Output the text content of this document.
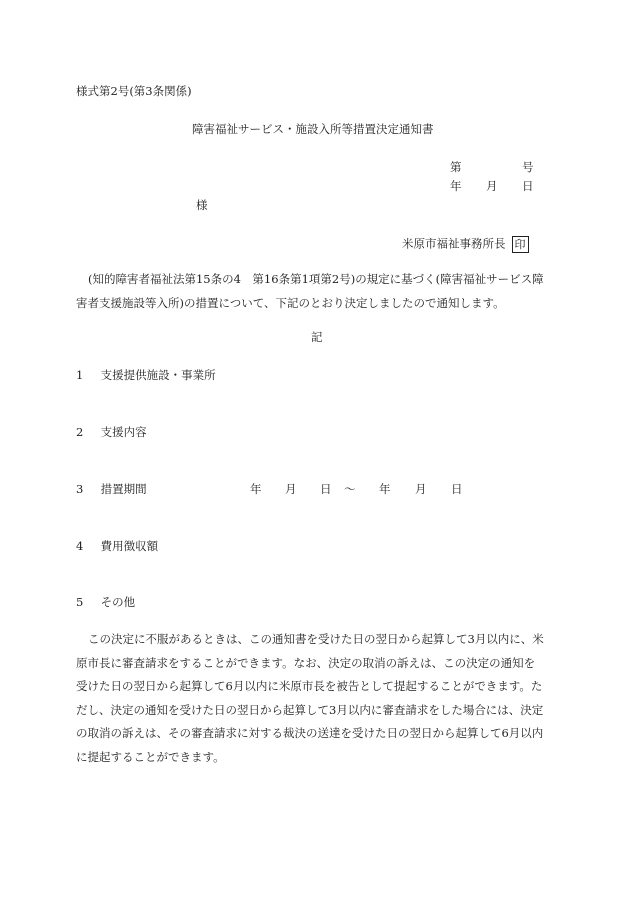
様式第2号(第3条関係)
障害福祉サービス・施設入所等措置決定通知書
第	号
年 月 日
様
米原市福祉事務所長 印
(知的障害者福祉法第15条の4　第16条第1項第2号)の規定に基づく(障害福祉サービス障害者支援施設等入所)の措置について、下記のとおり決定しましたので通知します。
記
1 支援提供施設・事業所
2 支援内容
3 措置期間	年 月 日 〜 年 月 日
4 費用徴収額
5 その他
この決定に不服があるときは、この通知書を受けた日の翌日から起算して3月以内に、米原市長に審査請求をすることができます。なお、決定の取消の訴えは、この決定の通知を受けた日の翌日から起算して6月以内に米原市長を被告として提起することができます。ただし、決定の通知を受けた日の翌日から起算して3月以内に審査請求をした場合には、決定の取消の訴えは、その審査請求に対する裁決の送達を受けた日の翌日から起算して6月以内に提起することができます。
